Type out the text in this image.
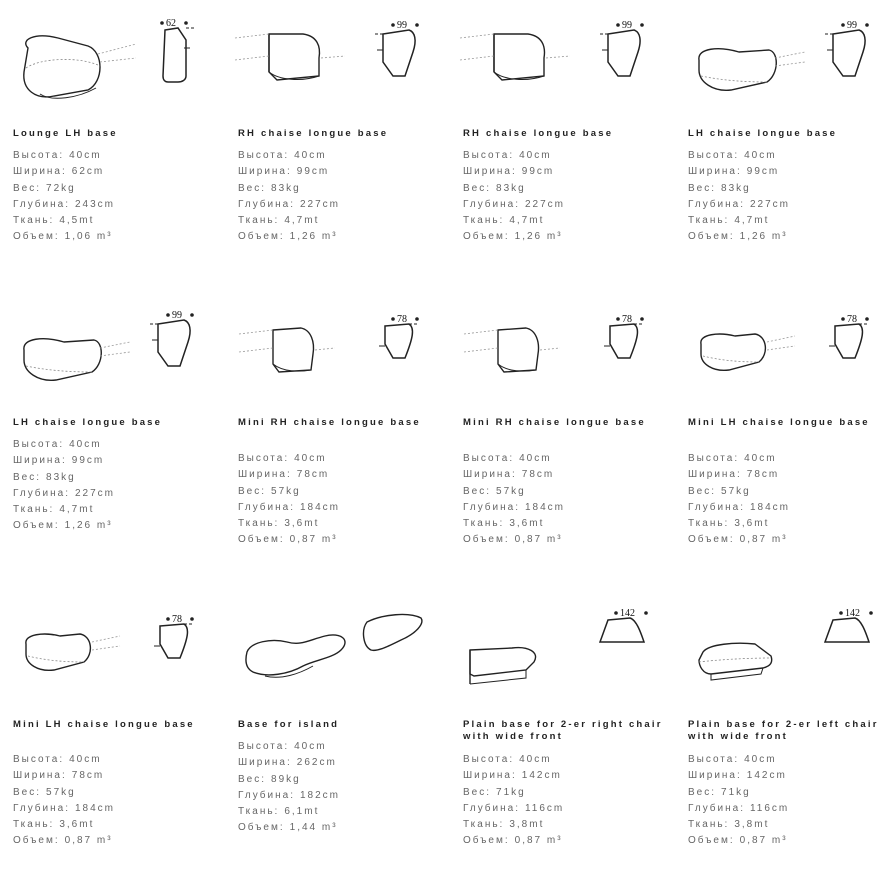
62
Lounge LH base
Высота: 40cm
Ширина: 62cm
Вес: 72kg
Глубина: 243cm
Ткань: 4,5mt
Объем: 1,06 m³
99
RH chaise longue base
Высота: 40cm
Ширина: 99cm
Вес: 83kg
Глубина: 227cm
Ткань: 4,7mt
Объем: 1,26 m³
99
RH chaise longue base
Высота: 40cm
Ширина: 99cm
Вес: 83kg
Глубина: 227cm
Ткань: 4,7mt
Объем: 1,26 m³
99
LH chaise longue base
Высота: 40cm
Ширина: 99cm
Вес: 83kg
Глубина: 227cm
Ткань: 4,7mt
Объем: 1,26 m³
99
LH chaise longue base
Высота: 40cm
Ширина: 99cm
Вес: 83kg
Глубина: 227cm
Ткань: 4,7mt
Объем: 1,26 m³
78
Mini RH chaise longue base
Высота: 40cm
Ширина: 78cm
Вес: 57kg
Глубина: 184cm
Ткань: 3,6mt
Объем: 0,87 m³
78
Mini RH chaise longue base
Высота: 40cm
Ширина: 78cm
Вес: 57kg
Глубина: 184cm
Ткань: 3,6mt
Объем: 0,87 m³
78
Mini LH chaise longue base
Высота: 40cm
Ширина: 78cm
Вес: 57kg
Глубина: 184cm
Ткань: 3,6mt
Объем: 0,87 m³
78
Mini LH chaise longue base
Высота: 40cm
Ширина: 78cm
Вес: 57kg
Глубина: 184cm
Ткань: 3,6mt
Объем: 0,87 m³
Base for island
Высота: 40cm
Ширина: 262cm
Вес: 89kg
Глубина: 182cm
Ткань: 6,1mt
Объем: 1,44 m³
142
Plain base for 2-er right chair with wide front
Высота: 40cm
Ширина: 142cm
Вес: 71kg
Глубина: 116cm
Ткань: 3,8mt
Объем: 0,87 m³
142
Plain base for 2-er left chair with wide front
Высота: 40cm
Ширина: 142cm
Вес: 71kg
Глубина: 116cm
Ткань: 3,8mt
Объем: 0,87 m³
